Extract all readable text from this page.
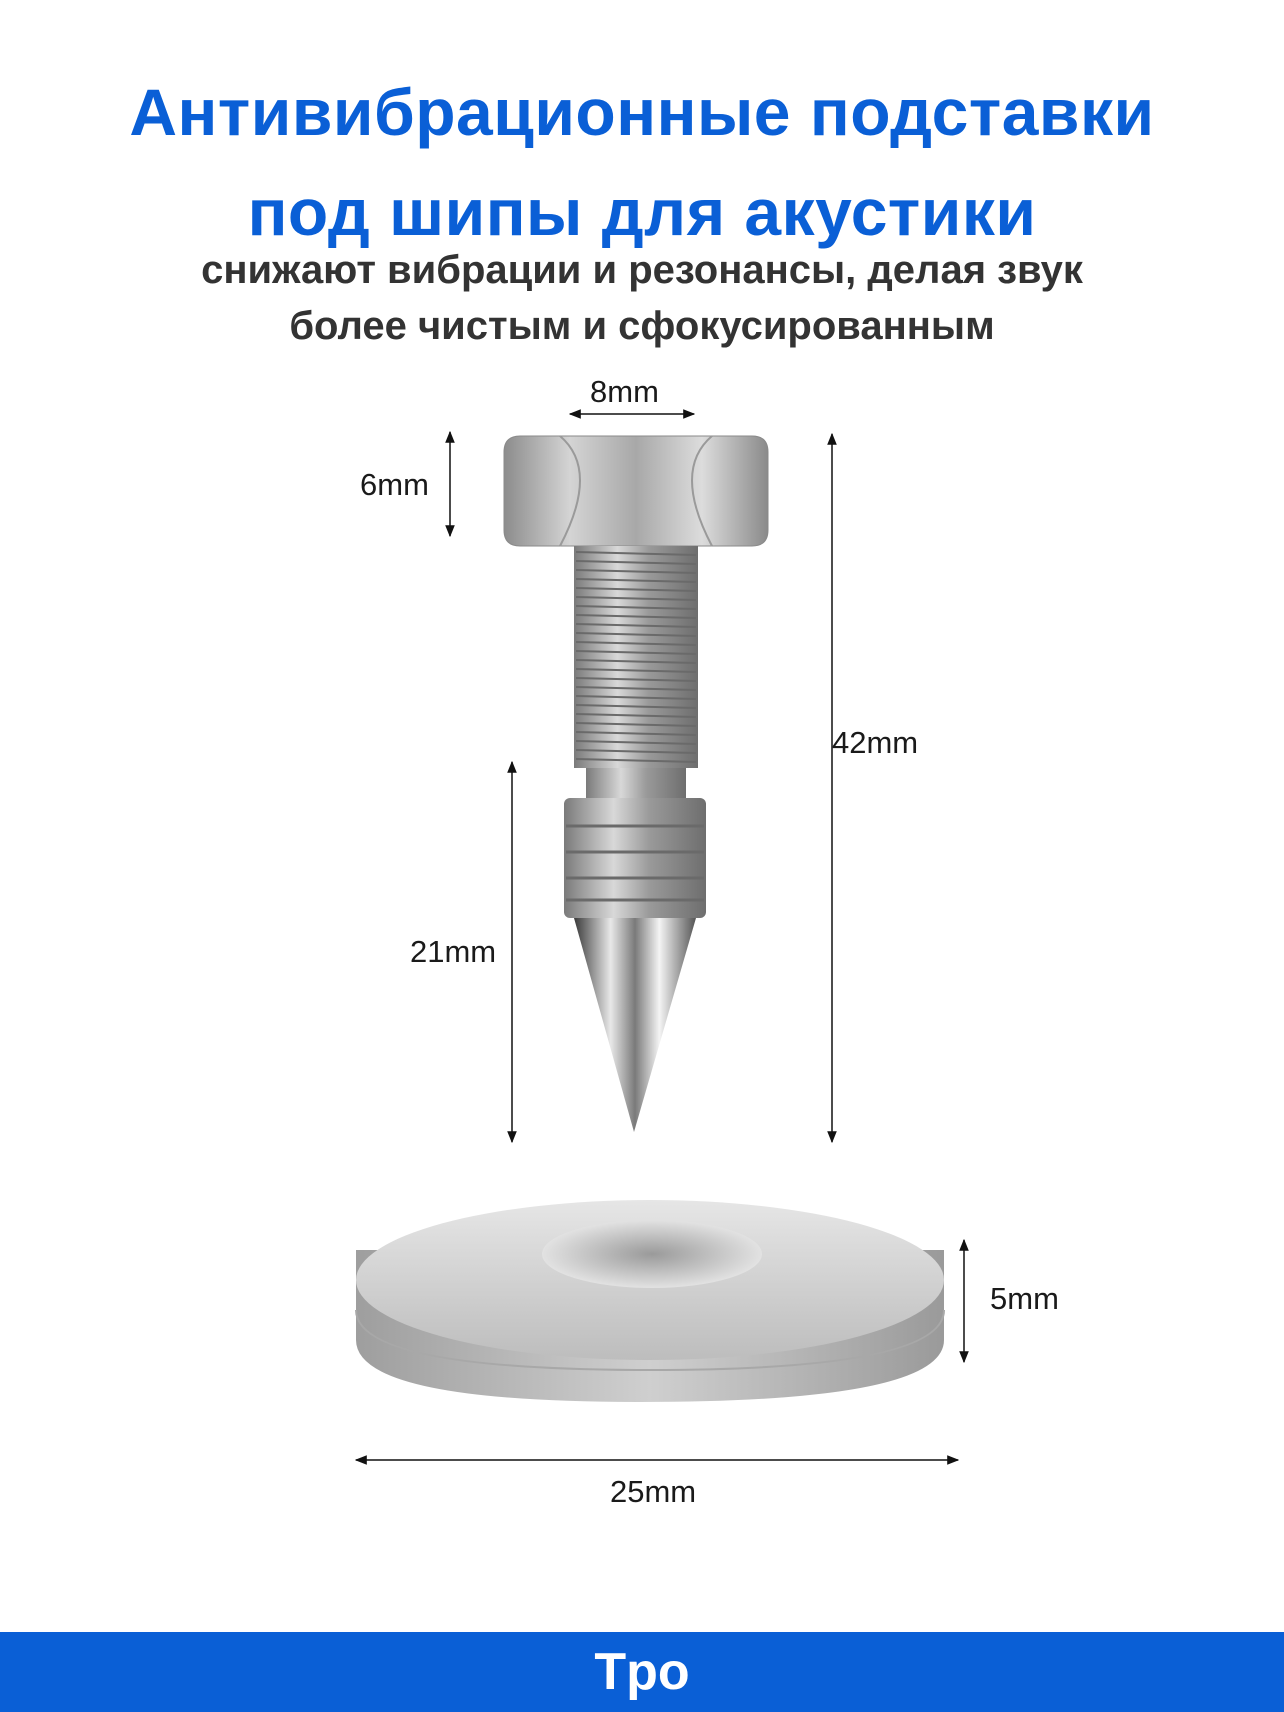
Антивибрационные подставки
под шипы для акустики

снижают вибрации и резонансы, делая звук
более чистым и сфокусированным

8mm
6mm
42mm
21mm
5mm
25mm
Tpo
